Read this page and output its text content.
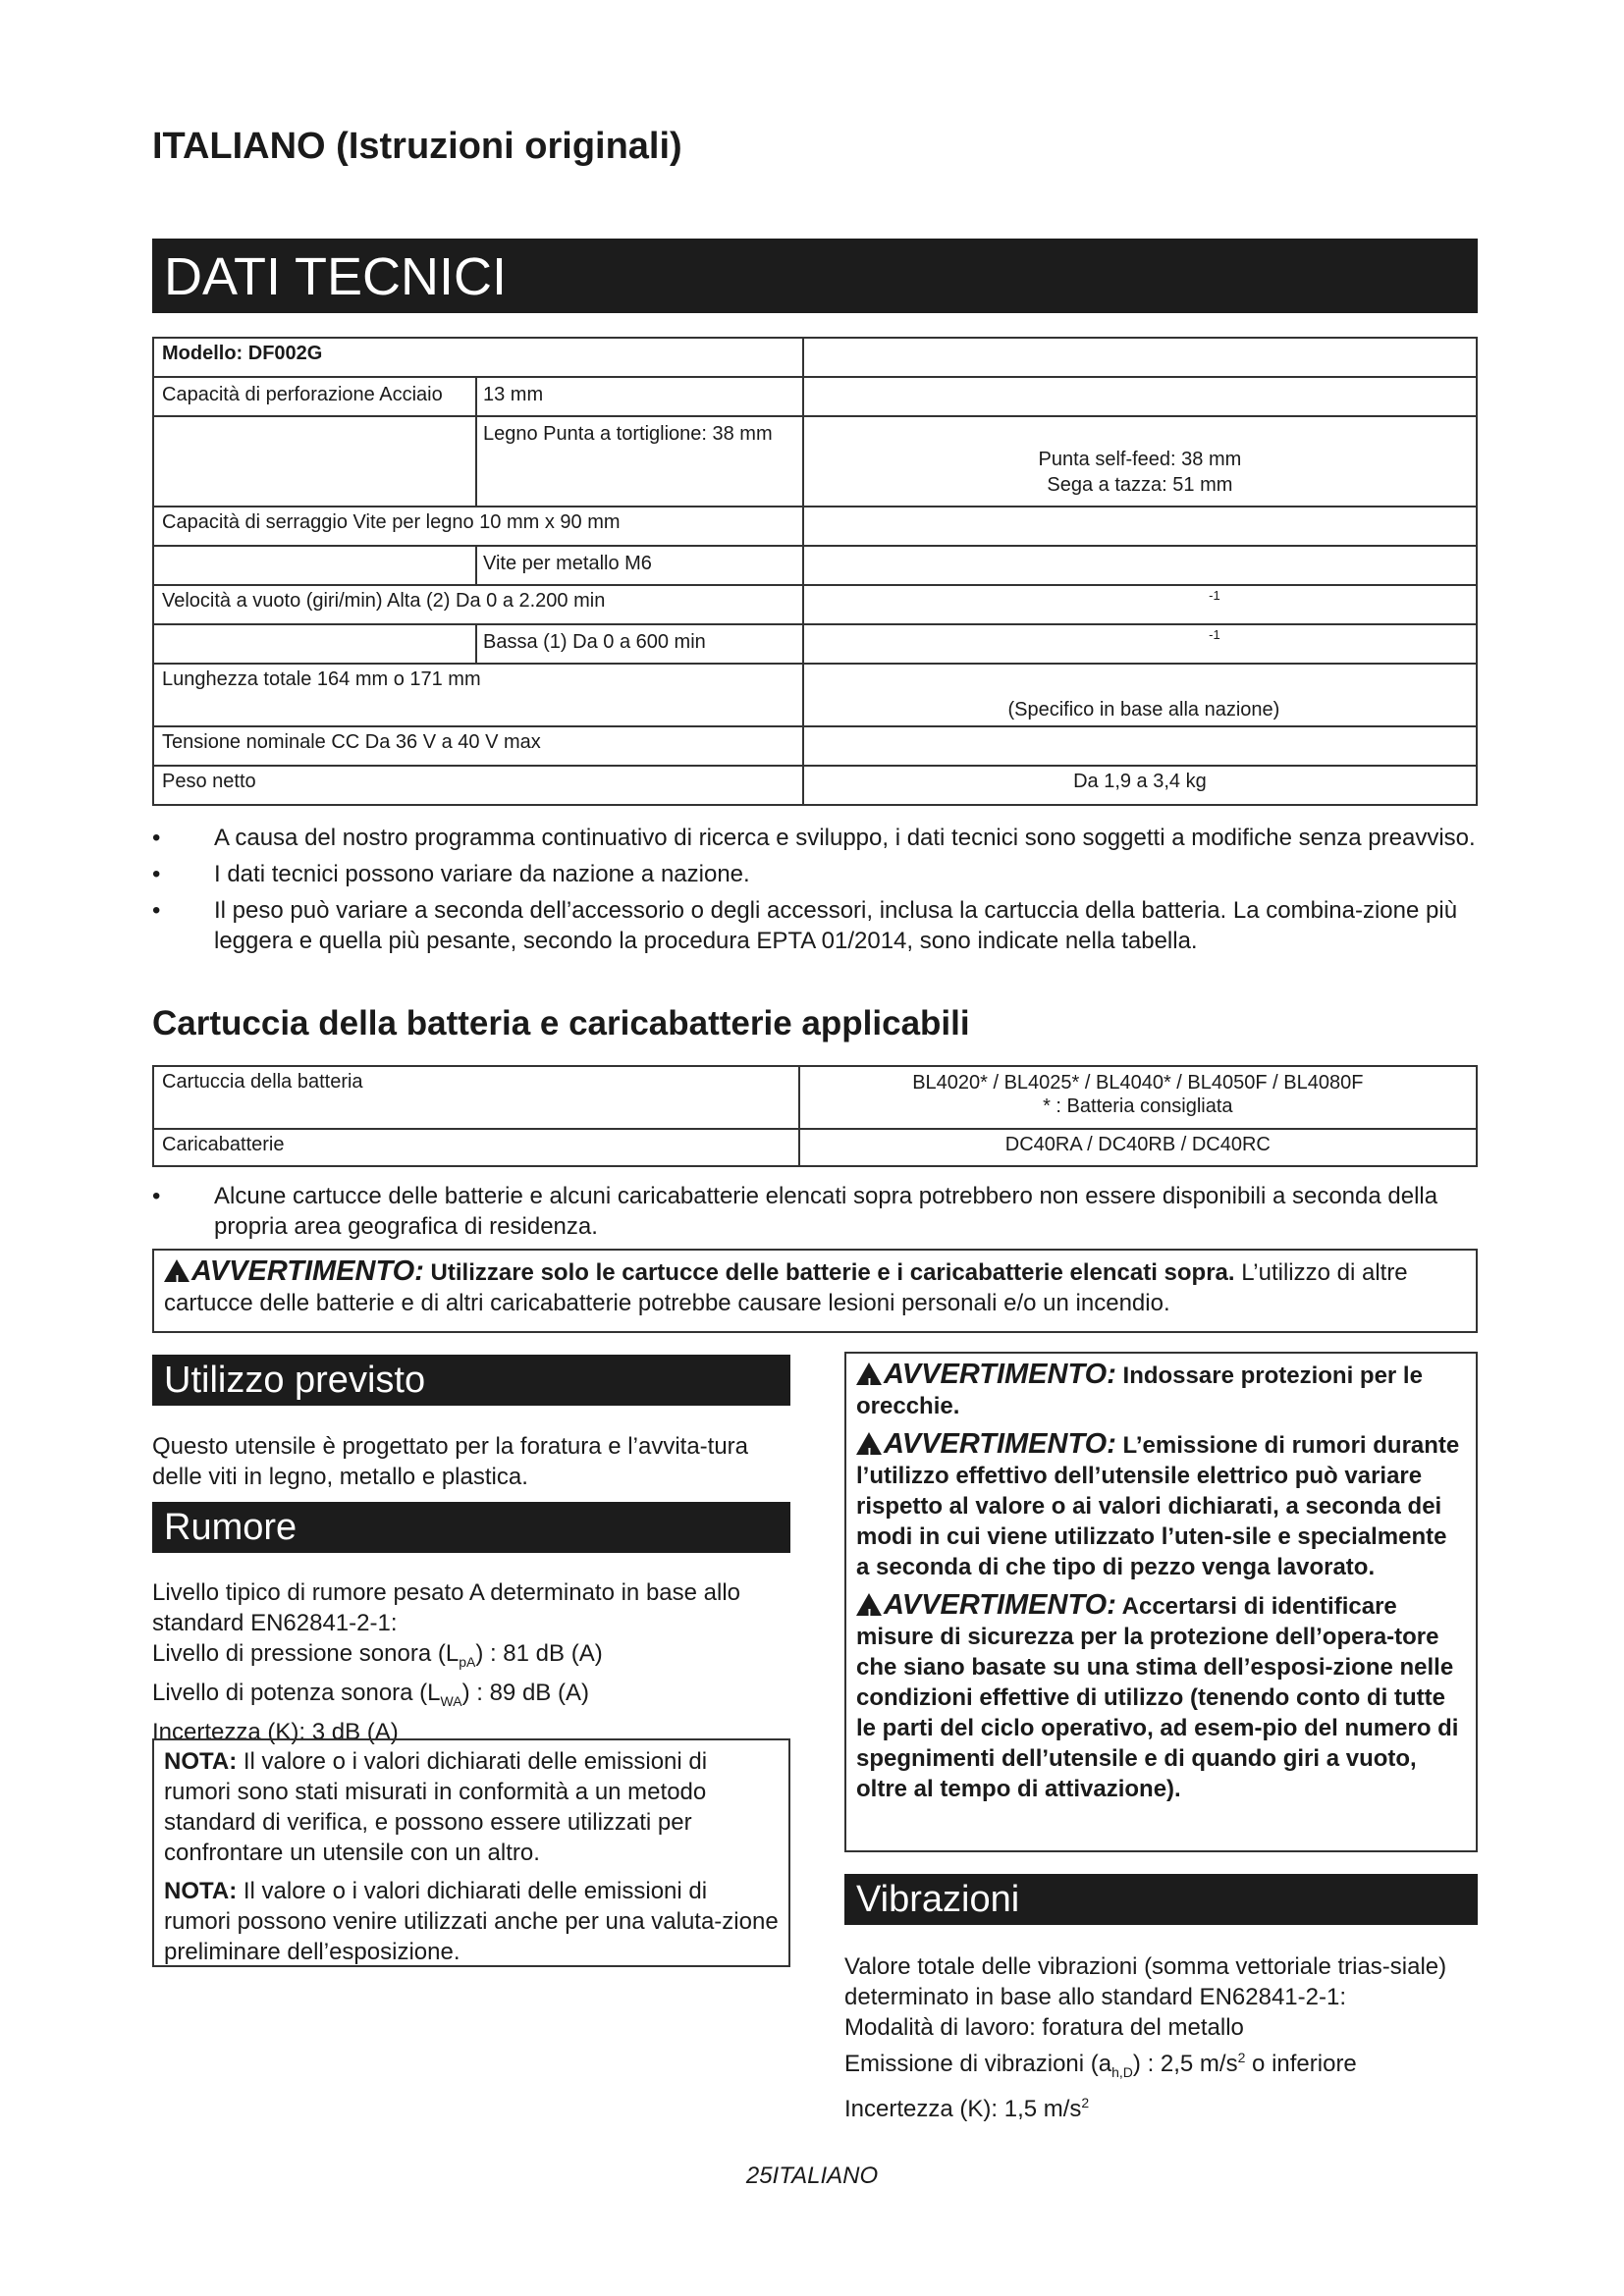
ITALIANO (Istruzioni originali)
DATI TECNICI
Modello: DF002G	

Capacità di perforazione Acciaio 13 mm	

Legno Punta a tortiglione: 38 mm	Punta self-feed: 38 mm
Sega a tazza: 51 mm

Capacità di serraggio Vite per legno 10 mm x 90 mm	

Vite per metallo M6	

Velocità a vuoto (giri/min) Alta (2) Da 0 a 2.200 min	-1

Bassa (1) Da 0 a 600 min	-1
Lunghezza totale 164 mm o 171 mm	(Specifico in base alla nazione)
Tensione nominale CC Da 36 V a 40 V max	
Peso netto	Da 1,9 a 3,4 kg
• A causa del nostro programma continuativo di ricerca e sviluppo, i dati tecnici sono soggetti a modifiche senza preavviso.
• I dati tecnici possono variare da nazione a nazione.
• Il peso può variare a seconda dell’accessorio o degli accessori, inclusa la cartuccia della batteria. La combina-zione più leggera e quella più pesante, secondo la procedura EPTA 01/2014, sono indicate nella tabella.
Cartuccia della batteria e caricabatterie applicabili
Cartuccia della batteria	BL4020* / BL4025* / BL4040* / BL4050F / BL4080F
* : Batteria consigliata

Caricabatterie	DC40RA / DC40RB / DC40RC
• Alcune cartucce delle batterie e alcuni caricabatterie elencati sopra potrebbero non essere disponibili a seconda della propria area geografica di residenza.
! AVVERTIMENTO: Utilizzare solo le cartucce delle batterie e i caricabatterie elencati sopra. L’utilizzo di altre cartucce delle batterie e di altri caricabatterie potrebbe causare lesioni personali e/o un incendio.
Utilizzo previsto
Questo utensile è progettato per la foratura e l’avvita-tura delle viti in legno, metallo e plastica.
Rumore
Livello tipico di rumore pesato A determinato in base allo standard EN62841-2-1:
Livello di pressione sonora $(L_{pA})$ : 81 dB (A)
Livello di potenza sonora $(L_{WA})$ : 89 dB (A)
Incertezza (K): 3 dB (A)

NOTA: Il valore o i valori dichiarati delle emissioni di rumori sono stati misurati in conformità a un metodo standard di verifica, e possono essere utilizzati per confrontare un utensile con un altro.

NOTA: Il valore o i valori dichiarati delle emissioni di rumori possono venire utilizzati anche per una valuta-zione preliminare dell’esposizione.

! AVVERTIMENTO: Indossare protezioni per le orecchie.

! AVVERTIMENTO: L’emissione di rumori durante l’utilizzo effettivo dell’utensile elettrico può variare rispetto al valore o ai valori dichiarati, a seconda dei modi in cui viene utilizzato l’uten-sile e specialmente a seconda di che tipo di pezzo venga lavorato.

! AVVERTIMENTO: Accertarsi di identificare misure di sicurezza per la protezione dell’opera-tore che siano basate su una stima dell’esposi-zione nelle condizioni effettive di utilizzo (tenendo conto di tutte le parti del ciclo operativo, ad esem-pio del numero di spegnimenti dell’utensile e di quando giri a vuoto, oltre al tempo di attivazione).

Vibrazioni
Valore totale delle vibrazioni (somma vettoriale trias-siale) determinato in base allo standard EN62841-2-1:
Modalità di lavoro: foratura del metallo
Emissione di vibrazioni $(a_{h,D})$ : 2,5 $m/s^2$ o inferiore
Incertezza (K): 1,5 $m/s^2$
25ITALIANO
